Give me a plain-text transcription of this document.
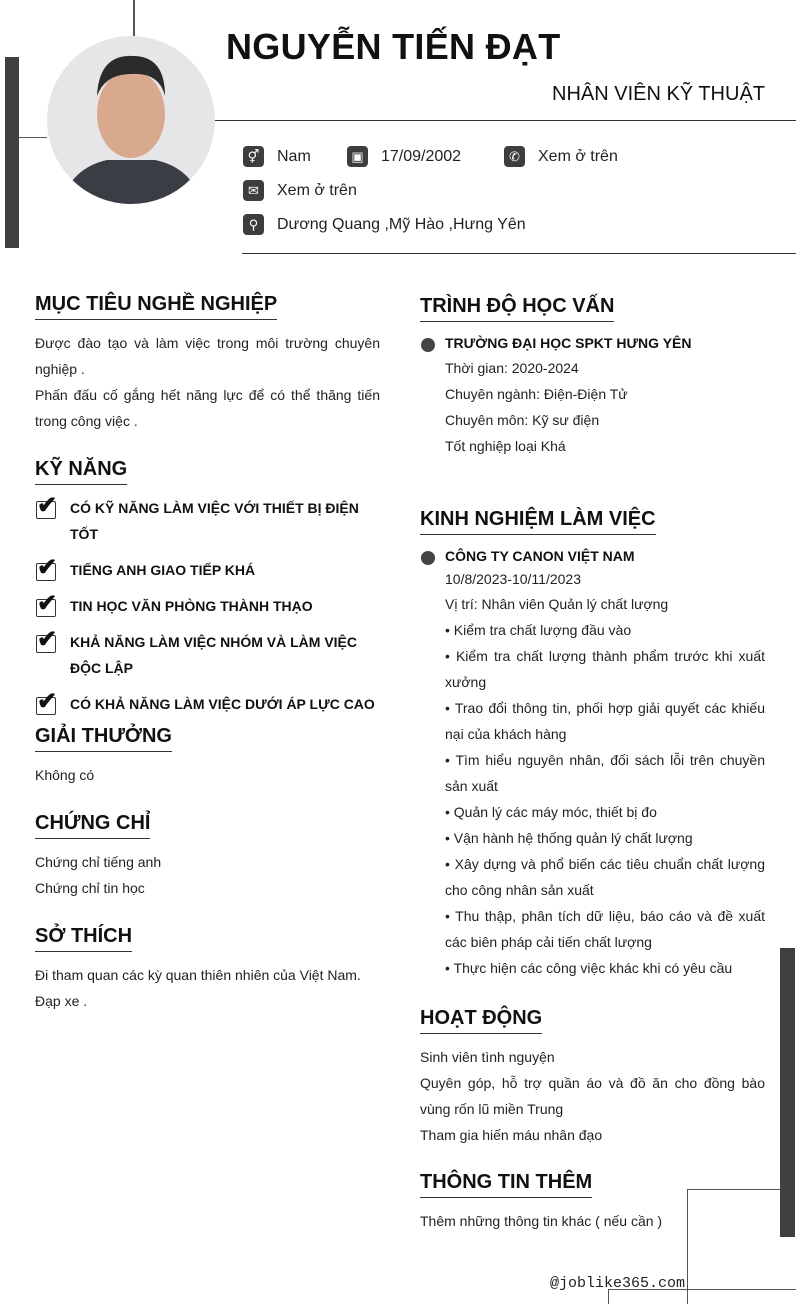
@joblike365.com
NGUYỄN TIẾN ĐẠT
NHÂN VIÊN KỸ THUẬT
⚥ Nam	▣ 17/09/2002	✆	Xem ở trên
✉	Xem ở trên
⚲	Dương Quang ,Mỹ Hào ,Hưng Yên
MỤC TIÊU NGHỀ NGHIỆP
Được đào tạo và làm việc trong môi trường chuyên nghiệp .
Phấn đấu cố gắng hết năng lực để có thể thăng tiến trong công việc .
KỸ NĂNG
✔ CÓ KỸ NĂNG LÀM VIỆC VỚI THIẾT BỊ ĐIỆN TỐT
✔ TIẾNG ANH GIAO TIẾP KHÁ
✔ TIN HỌC VĂN PHÒNG THÀNH THẠO
✔ KHẢ NĂNG LÀM VIỆC NHÓM VÀ LÀM VIỆC ĐỘC LẬP
✔ CÓ KHẢ NĂNG LÀM VIỆC DƯỚI ÁP LỰC CAO
GIẢI THƯỞNG
Không có
CHỨNG CHỈ
Chứng chỉ tiếng anh
Chứng chỉ tin học
SỞ THÍCH
Đi tham quan các kỳ quan thiên nhiên của Việt Nam.
Đạp xe .
TRÌNH ĐỘ HỌC VẤN
TRƯỜNG ĐẠI HỌC SPKT HƯNG YÊN
Thời gian: 2020-2024
Chuyên ngành: Điện-Điện Tử
Chuyên môn: Kỹ sư điện
Tốt nghiệp loại Khá
KINH NGHIỆM LÀM VIỆC
CÔNG TY CANON VIỆT NAM
10/8/2023-10/11/2023
Vị trí: Nhân viên Quản lý chất lượng
• Kiểm tra chất lượng đầu vào
• Kiểm tra chất lượng thành phẩm trước khi xuất xưởng
• Trao đổi thông tin, phối hợp giải quyết các khiếu nại của khách hàng
• Tìm hiểu nguyên nhân, đối sách lỗi trên chuyền sản xuất
• Quản lý các máy móc, thiết bị đo
• Vận hành hệ thống quản lý chất lượng
• Xây dựng và phổ biến các tiêu chuẩn chất lượng cho công nhân sản xuất
• Thu thập, phân tích dữ liệu, báo cáo và đề xuất các biên pháp cải tiến chất lượng
• Thực hiện các công việc khác khi có yêu cầu
HOẠT ĐỘNG
Sinh viên tình nguyện
Quyên góp, hỗ trợ quần áo và đồ ăn cho đồng bào vùng rốn lũ miền Trung
Tham gia hiến máu nhân đạo
THÔNG TIN THÊM
Thêm những thông tin khác ( nếu cần )
